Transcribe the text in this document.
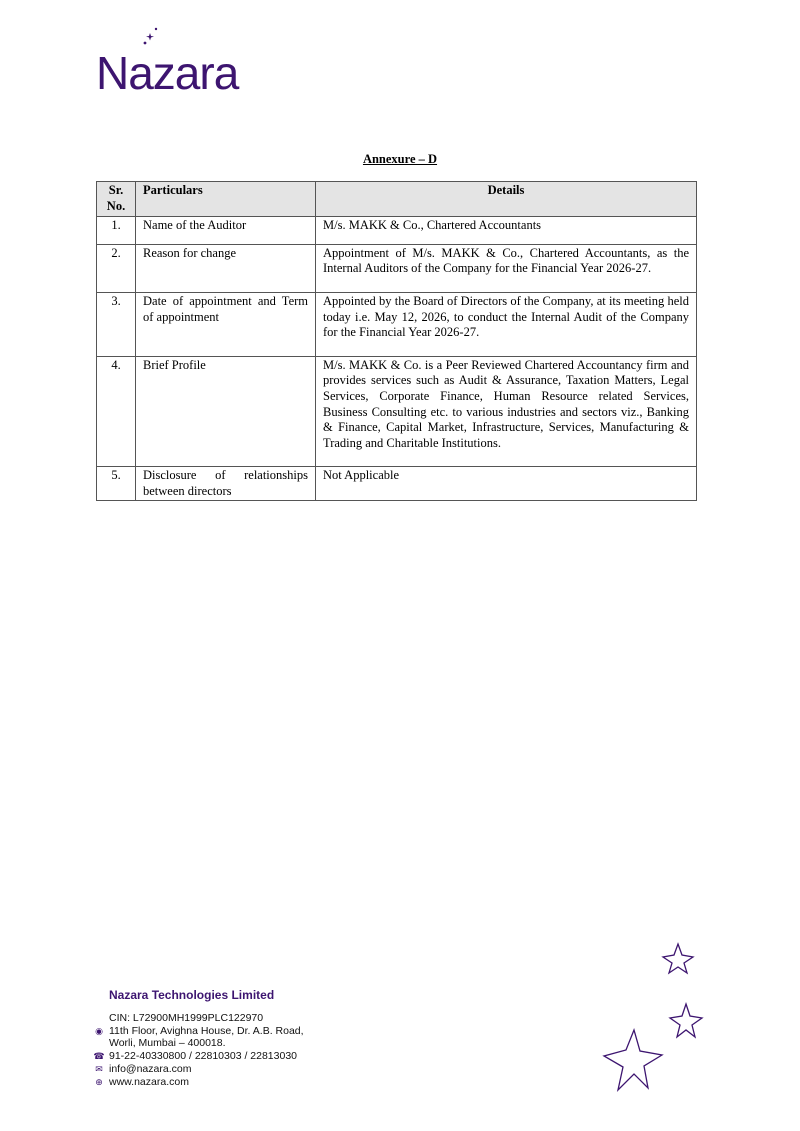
Nazara
Annexure – D
Sr. No.	Particulars	Details
1.	Name of the Auditor	M/s. MAKK & Co., Chartered Accountants
2.	Reason for change	Appointment of M/s. MAKK & Co., Chartered Accountants, as the Internal Auditors of the Company for the Financial Year 2026-27.
3.	Date of appointment and Term of appointment	Appointed by the Board of Directors of the Company, at its meeting held today i.e. May 12, 2026, to conduct the Internal Audit of the Company for the Financial Year 2026-27.
4.	Brief Profile	M/s. MAKK & Co. is a Peer Reviewed Chartered Accountancy firm and provides services such as Audit & Assurance, Taxation Matters, Legal Services, Corporate Finance, Human Resource related Services, Business Consulting etc. to various industries and sectors viz., Banking & Finance, Capital Market, Infrastructure, Services, Manufacturing & Trading and Charitable Institutions.
5.	Disclosure of relationships between directors	Not Applicable
Nazara Technologies Limited
CIN: L72900MH1999PLC122970
◉ 11th Floor, Avighna House, Dr. A.B. Road,
Worli, Mumbai – 400018.
☎ 91-22-40330800 / 22810303 / 22813030
✉ info@nazara.com
⊕ www.nazara.com
